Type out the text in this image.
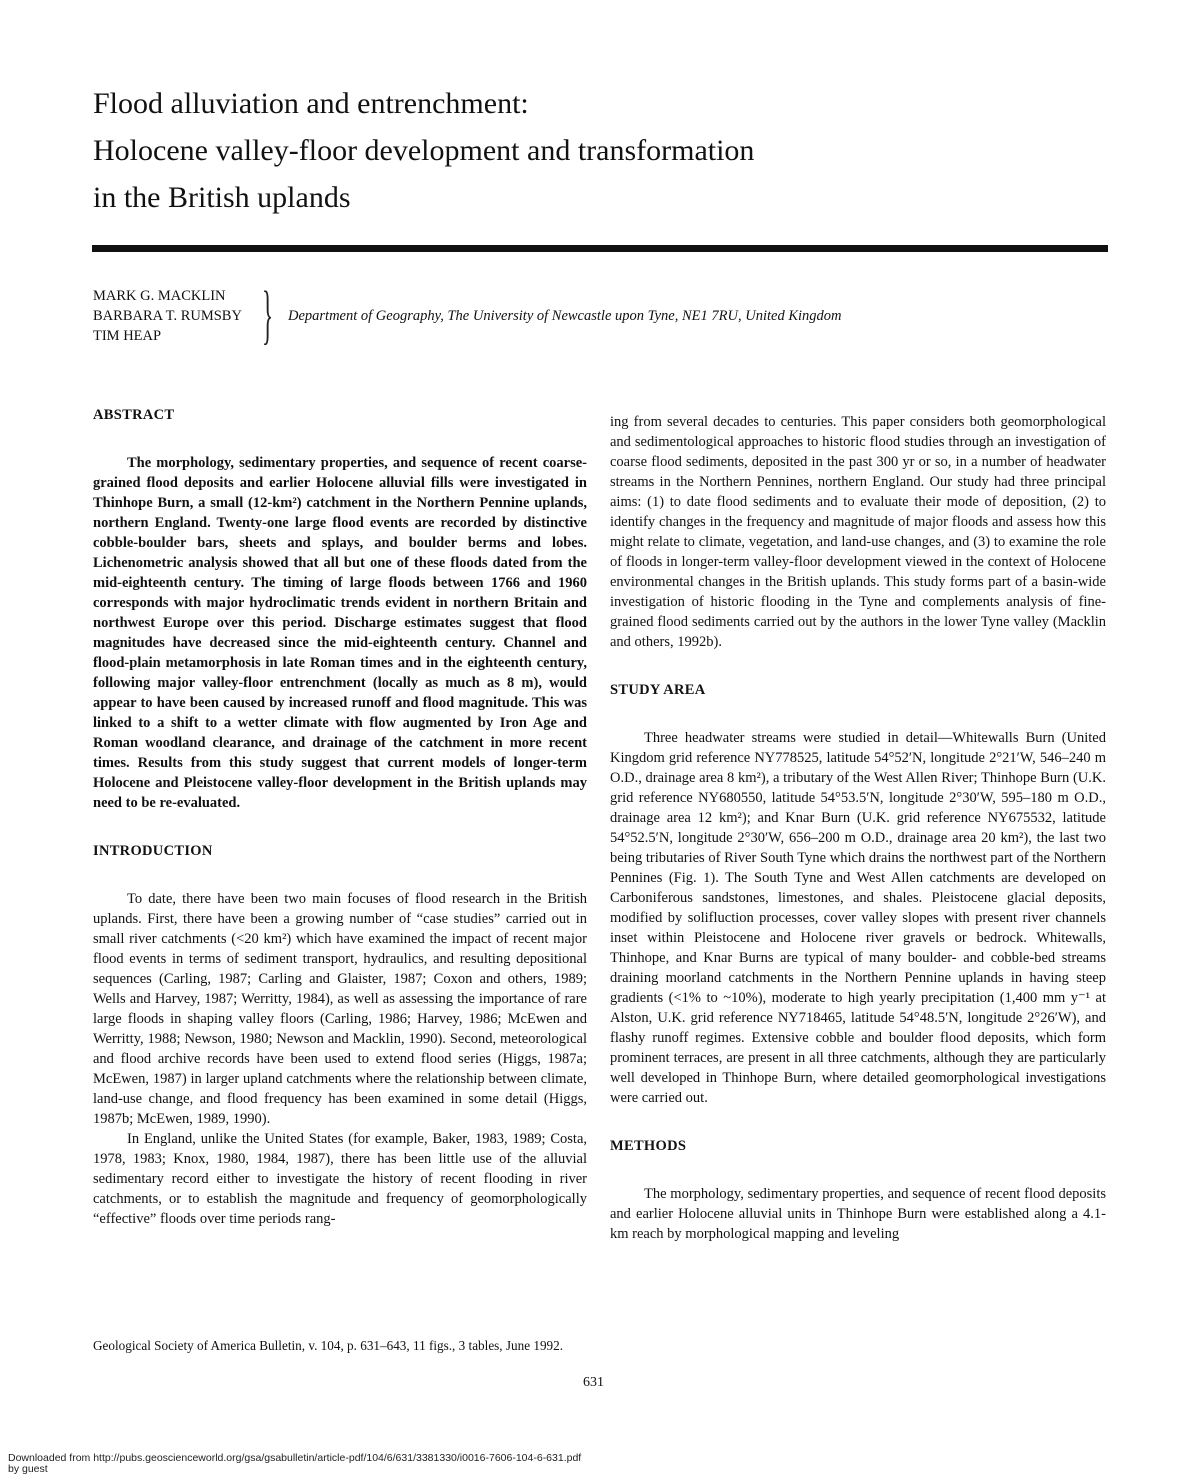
Flood alluviation and entrenchment:
Holocene valley-floor development and transformation
in the British uplands
MARK G. MACKLIN
BARBARA T. RUMSBY
TIM HEAP	} Department of Geography, The University of Newcastle upon Tyne, NE1 7RU, United Kingdom
ABSTRACT

The morphology, sedimentary properties, and sequence of recent coarse-grained flood deposits and earlier Holocene alluvial fills were investigated in Thinhope Burn, a small (12-km²) catchment in the Northern Pennine uplands, northern England. Twenty-one large flood events are recorded by distinctive cobble-boulder bars, sheets and splays, and boulder berms and lobes. Lichenometric analysis showed that all but one of these floods dated from the mid-eighteenth century. The timing of large floods between 1766 and 1960 corresponds with major hydroclimatic trends evident in northern Britain and northwest Europe over this period. Discharge estimates suggest that flood magnitudes have decreased since the mid-eighteenth century. Channel and flood-plain metamorphosis in late Roman times and in the eighteenth century, following major valley-floor entrenchment (locally as much as 8 m), would appear to have been caused by increased runoff and flood magnitude. This was linked to a shift to a wetter climate with flow augmented by Iron Age and Roman woodland clearance, and drainage of the catchment in more recent times. Results from this study suggest that current models of longer-term Holocene and Pleistocene valley-floor development in the British uplands may need to be re-evaluated.

INTRODUCTION

To date, there have been two main focuses of flood research in the British uplands. First, there have been a growing number of “case studies” carried out in small river catchments (<20 km²) which have examined the impact of recent major flood events in terms of sediment transport, hydraulics, and resulting depositional sequences (Carling, 1987; Carling and Glaister, 1987; Coxon and others, 1989; Wells and Harvey, 1987; Werritty, 1984), as well as assessing the importance of rare large floods in shaping valley floors (Carling, 1986; Harvey, 1986; McEwen and Werritty, 1988; Newson, 1980; Newson and Macklin, 1990). Second, meteorological and flood archive records have been used to extend flood series (Higgs, 1987a; McEwen, 1987) in larger upland catchments where the relationship between climate, land-use change, and flood frequency has been examined in some detail (Higgs, 1987b; McEwen, 1989, 1990).

In England, unlike the United States (for example, Baker, 1983, 1989; Costa, 1978, 1983; Knox, 1980, 1984, 1987), there has been little use of the alluvial sedimentary record either to investigate the history of recent flooding in river catchments, or to establish the magnitude and frequency of geomorphologically “effective” floods over time periods rang-

ing from several decades to centuries. This paper considers both geomorphological and sedimentological approaches to historic flood studies through an investigation of coarse flood sediments, deposited in the past 300 yr or so, in a number of headwater streams in the Northern Pennines, northern England. Our study had three principal aims: (1) to date flood sediments and to evaluate their mode of deposition, (2) to identify changes in the frequency and magnitude of major floods and assess how this might relate to climate, vegetation, and land-use changes, and (3) to examine the role of floods in longer-term valley-floor development viewed in the context of Holocene environmental changes in the British uplands. This study forms part of a basin-wide investigation of historic flooding in the Tyne and complements analysis of fine-grained flood sediments carried out by the authors in the lower Tyne valley (Macklin and others, 1992b).

STUDY AREA

Three headwater streams were studied in detail—Whitewalls Burn (United Kingdom grid reference NY778525, latitude 54°52′N, longitude 2°21′W, 546–240 m O.D., drainage area 8 km²), a tributary of the West Allen River; Thinhope Burn (U.K. grid reference NY680550, latitude 54°53.5′N, longitude 2°30′W, 595–180 m O.D., drainage area 12 km²); and Knar Burn (U.K. grid reference NY675532, latitude 54°52.5′N, longitude 2°30′W, 656–200 m O.D., drainage area 20 km²), the last two being tributaries of River South Tyne which drains the northwest part of the Northern Pennines (Fig. 1). The South Tyne and West Allen catchments are developed on Carboniferous sandstones, limestones, and shales. Pleistocene glacial deposits, modified by solifluction processes, cover valley slopes with present river channels inset within Pleistocene and Holocene river gravels or bedrock. Whitewalls, Thinhope, and Knar Burns are typical of many boulder- and cobble-bed streams draining moorland catchments in the Northern Pennine uplands in having steep gradients (<1% to ~10%), moderate to high yearly precipitation (1,400 mm y⁻¹ at Alston, U.K. grid reference NY718465, latitude 54°48.5′N, longitude 2°26′W), and flashy runoff regimes. Extensive cobble and boulder flood deposits, which form prominent terraces, are present in all three catchments, although they are particularly well developed in Thinhope Burn, where detailed geomorphological investigations were carried out.

METHODS

The morphology, sedimentary properties, and sequence of recent flood deposits and earlier Holocene alluvial units in Thinhope Burn were established along a 4.1-km reach by morphological mapping and leveling

Geological Society of America Bulletin, v. 104, p. 631–643, 11 figs., 3 tables, June 1992.
631
Downloaded from http://pubs.geoscienceworld.org/gsa/gsabulletin/article-pdf/104/6/631/3381330/i0016-7606-104-6-631.pdf
by guest
